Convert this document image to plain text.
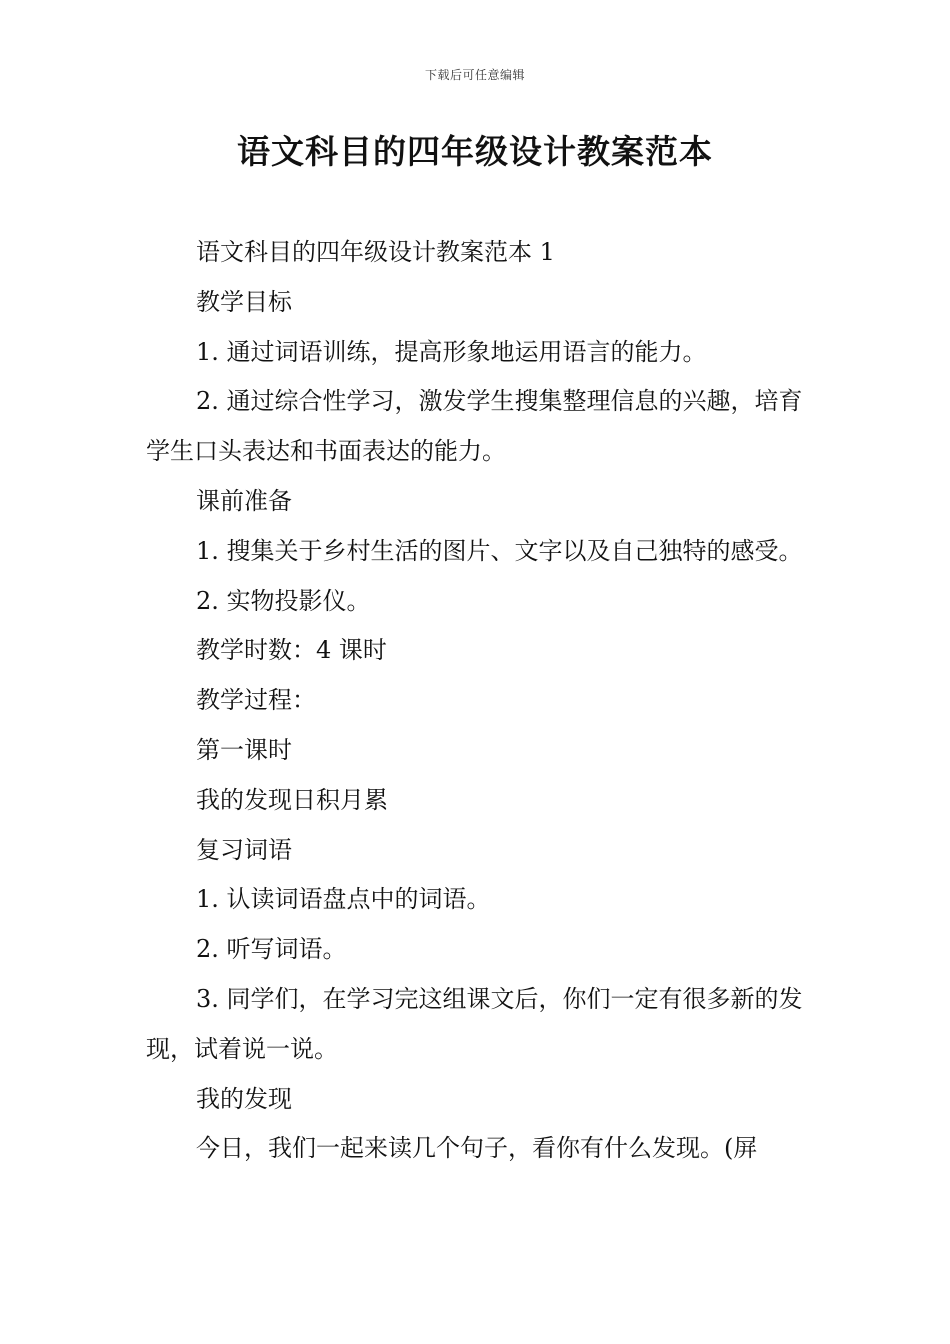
下载后可任意编辑
语文科目的四年级设计教案范本

语文科目的四年级设计教案范本 1

教学目标

1. 通过词语训练，提高形象地运用语言的能力。

2. 通过综合性学习，激发学生搜集整理信息的兴趣，培育学生口头表达和书面表达的能力。

课前准备

1. 搜集关于乡村生活的图片、文字以及自己独特的感受。

2. 实物投影仪。

教学时数：4 课时

教学过程：

第一课时

我的发现日积月累

复习词语

1. 认读词语盘点中的词语。

2. 听写词语。

3. 同学们，在学习完这组课文后，你们一定有很多新的发现，试着说一说。

我的发现

今日，我们一起来读几个句子，看你有什么发现。(屏
